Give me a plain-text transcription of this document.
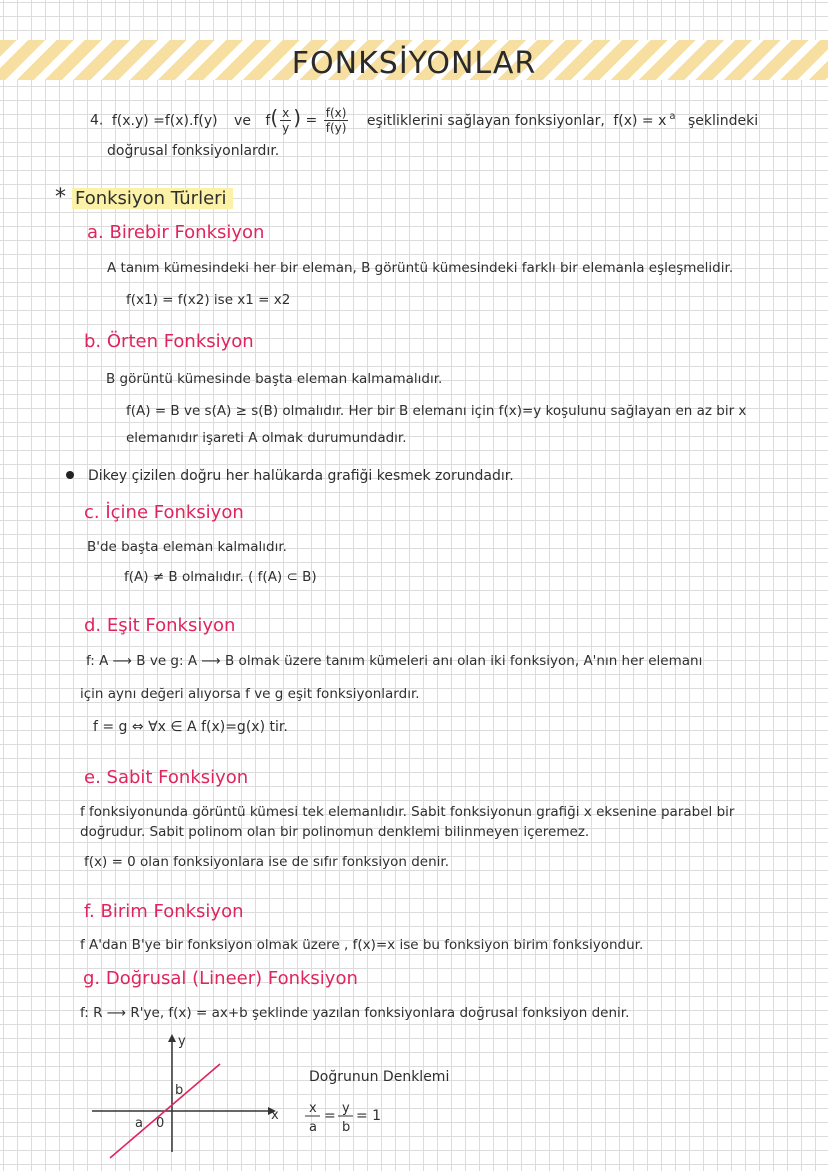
FONKSİYONLAR
4. f(x.y) =f(x).f(y) ve $f( \frac{x}{y}$ ) = $\frac{f(x)}{f(y)}$ eşitliklerini sağlayan fonksiyonlar, f(x) = x $^a$ şeklindeki
doğrusal fonksiyonlardır.
* Fonksiyon Türleri
a. Birebir Fonksiyon
A tanım kümesindeki her bir eleman, B görüntü kümesindeki farklı bir elemanla eşleşmelidir.
f(x1) = f(x2) ise x1 = x2
b. Örten Fonksiyon
B görüntü kümesinde başta eleman kalmamalıdır.
f(A) = B ve s(A) ≥ s(B) olmalıdır. Her bir B elemanı için f(x)=y koşulunu sağlayan en az bir x
elemanıdır işareti A olmak durumundadır.
Dikey çizilen doğru her halükarda grafiği kesmek zorundadır.
c. İçine Fonksiyon
B'de başta eleman kalmalıdır.
f(A) ≠ B olmalıdır. ( f(A) ⊂ B)
d. Eşit Fonksiyon
f: A ⟶ B ve g: A ⟶ B olmak üzere tanım kümeleri anı olan iki fonksiyon, A'nın her elemanı
için aynı değeri alıyorsa f ve g eşit fonksiyonlardır.
f = g ⇔ ∀x ∈ A f(x)=g(x) tir.
e. Sabit Fonksiyon
f fonksiyonunda görüntü kümesi tek elemanlıdır. Sabit fonksiyonun grafiği x eksenine parabel bir
doğrudur. Sabit polinom olan bir polinomun denklemi bilinmeyen içeremez.
f(x) = 0 olan fonksiyonlara ise de sıfır fonksiyon denir.
f. Birim Fonksiyon
f A'dan B'ye bir fonksiyon olmak üzere , f(x)=x ise bu fonksiyon birim fonksiyondur.
g. Doğrusal (Lineer) Fonksiyon
f: R ⟶ R'ye, f(x) = ax+b şeklinde yazılan fonksiyonlara doğrusal fonksiyon denir.
y
x
b
a 0
Doğrunun Denklemi
x
a
= y
b
= 1
